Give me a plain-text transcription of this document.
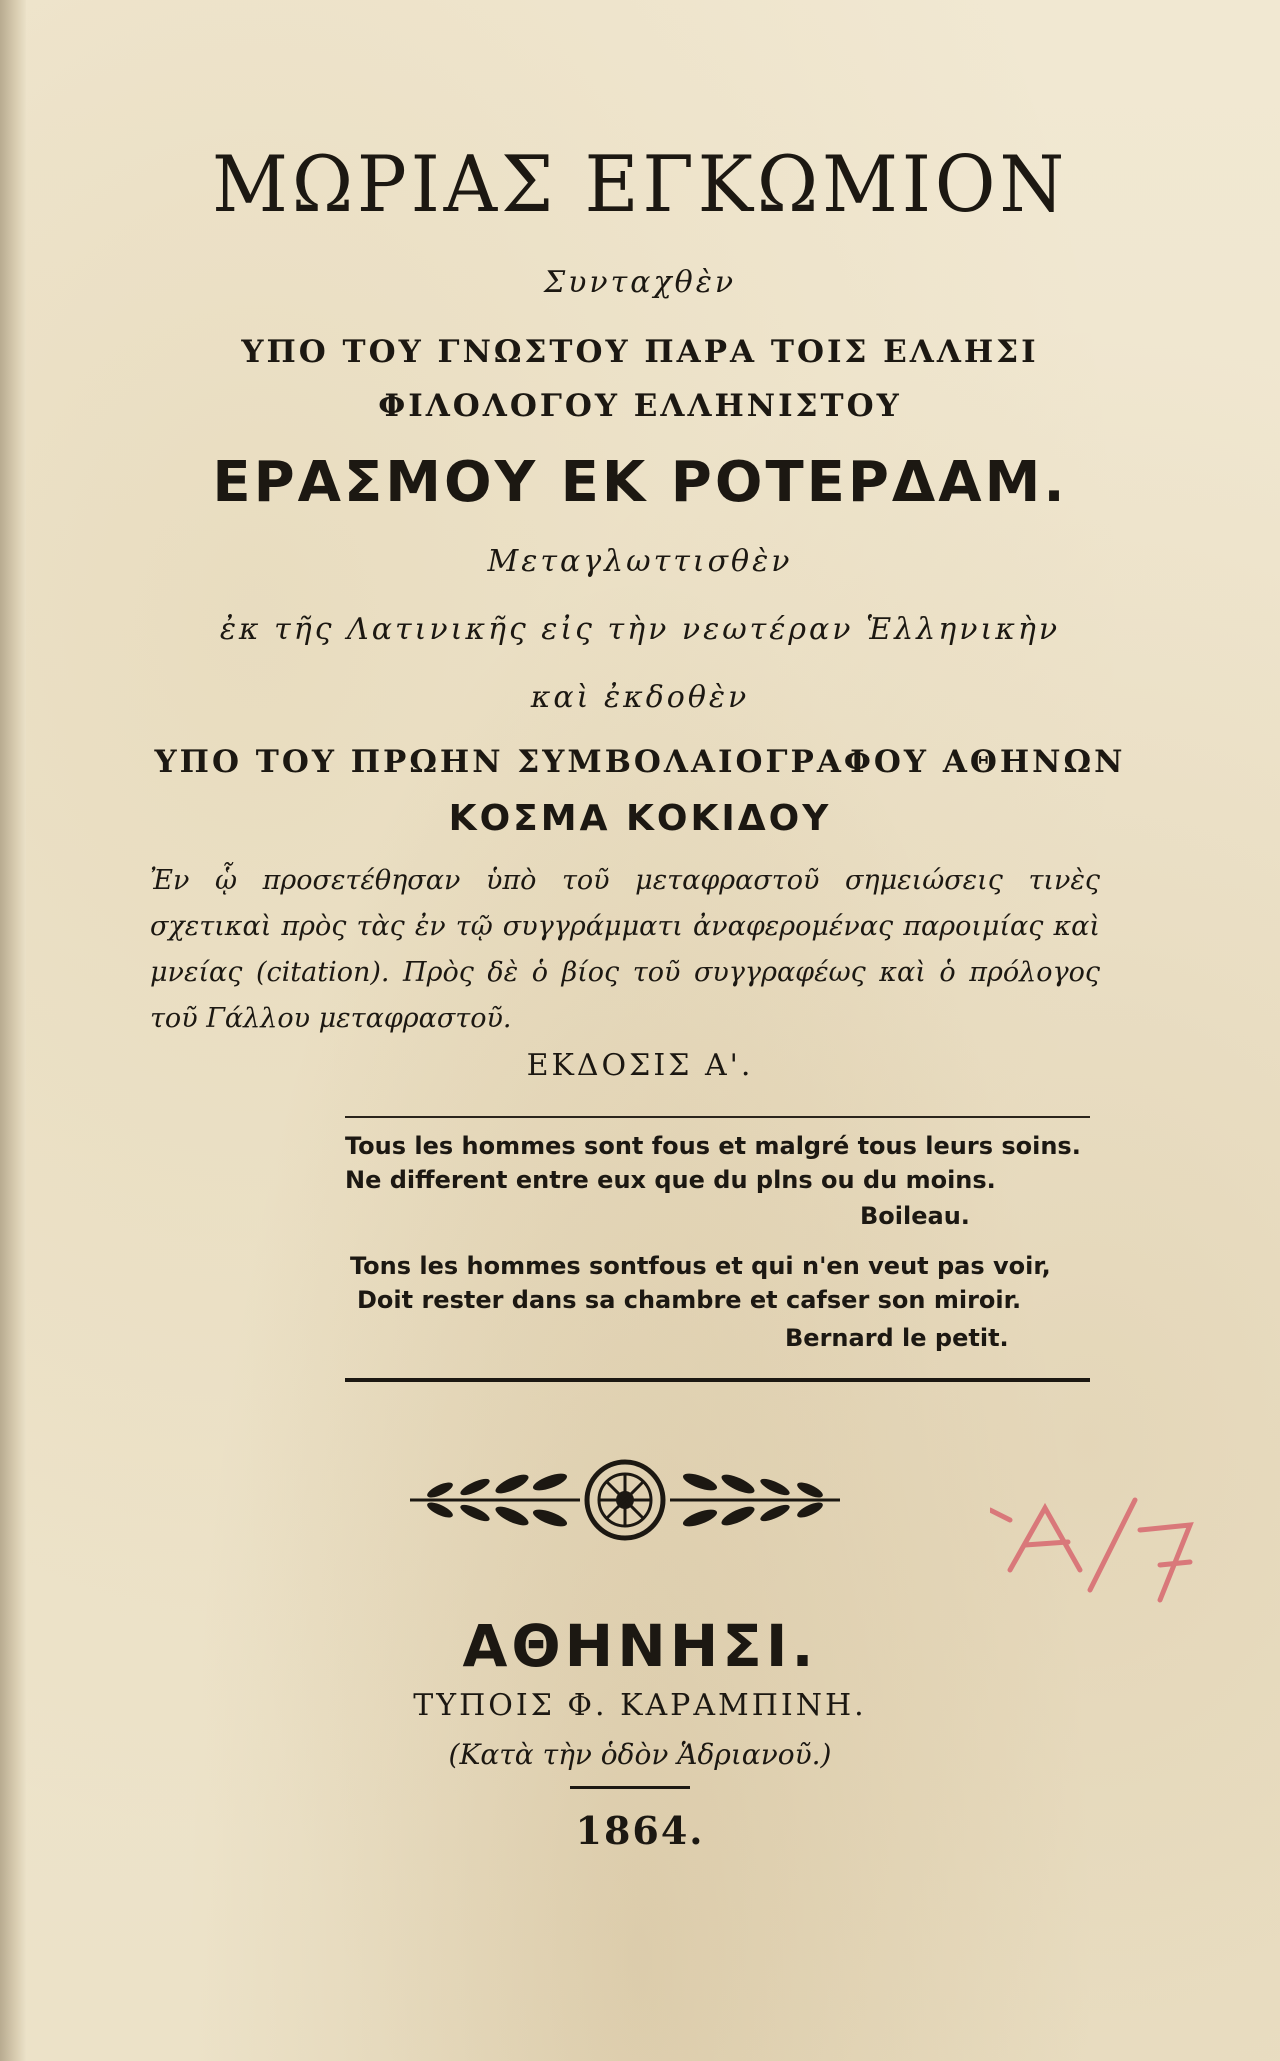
ΜΩΡΙΑΣ ΕΓΚΩΜΙΟΝ
Συνταχθὲν
ΥΠΟ ΤΟΥ ΓΝΩΣΤΟΥ ΠΑΡΑ ΤΟΙΣ ΕΛΛΗΣΙ
ΦΙΛΟΛΟΓΟΥ ΕΛΛΗΝΙΣΤΟΥ
ΕΡΑΣΜΟΥ ΕΚ ΡΟΤΕΡΔΑΜ.
Μεταγλωττισθὲν
ἐκ τῆς Λατινικῆς εἰς τὴν νεωτέραν Ἑλληνικὴν
καὶ ἐκδοθὲν
ΥΠΟ ΤΟΥ ΠΡΩΗΝ ΣΥΜΒΟΛΑΙΟΓΡΑΦΟΥ ΑΘΗΝΩΝ
ΚΟΣΜΑ ΚΟΚΙΔΟΥ
Ἐν ᾧ προσετέθησαν ὑπὸ τοῦ μεταφραστοῦ σημειώσεις τινὲς σχετικαὶ πρὸς τὰς ἐν τῷ συγγράμματι ἀναφερομένας παροιμίας καὶ μνείας (citation). Πρὸς δὲ ὁ βίος τοῦ συγγραφέως καὶ ὁ πρόλογος τοῦ Γάλλου μεταφραστοῦ.
ΕΚΔΟΣΙΣ Α'.
Tous les hommes sont fous et malgré tous leurs soins.
Ne different entre eux que du plns ou du moins.
Boileau.
Tons les hommes sontfous et qui n'en veut pas voir,
Doit rester dans sa chambre et cafser son miroir.
Bernard le petit.
ΑΘΗΝΗΣΙ.
ΤΥΠΟΙΣ Φ. ΚΑΡΑΜΠΙΝΗ.
(Κατὰ τὴν ὁδὸν Ἁδριανοῦ.)
1864.
